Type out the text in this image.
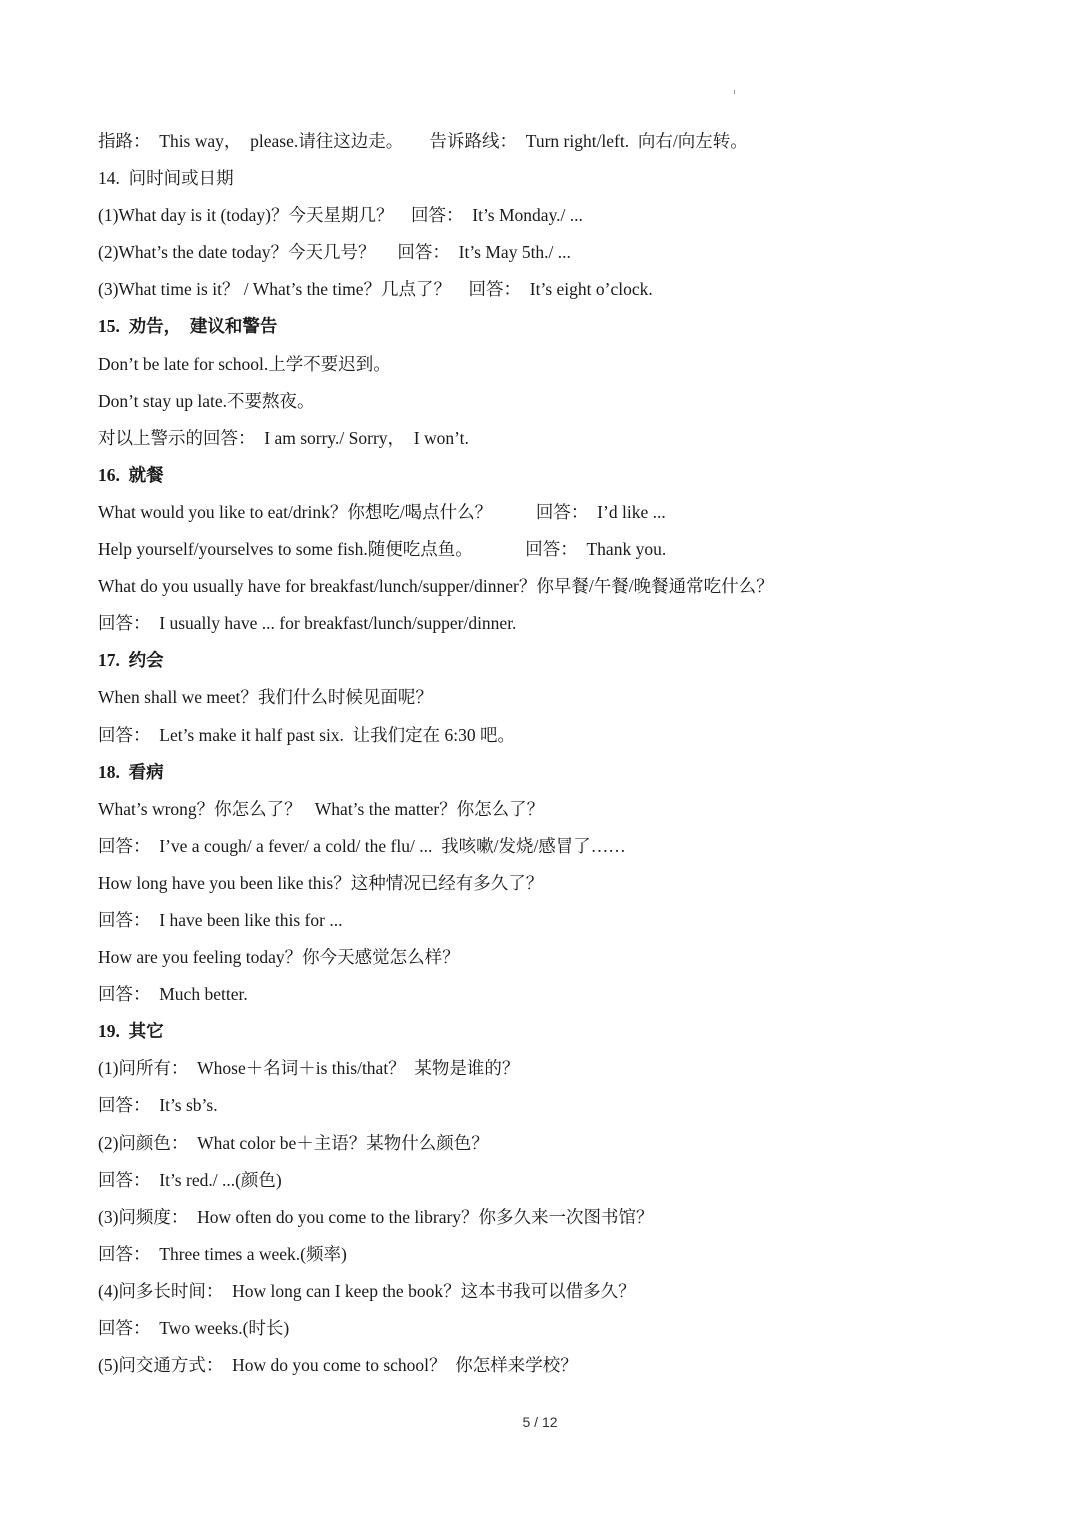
指路：  This way，  please.请往这边走。      告诉路线：  Turn right/left.  向右/向左转。
14.  问时间或日期
(1)What day is it (today)？今天星期几？    回答：  It’s Monday./ ...
(2)What’s the date today？今天几号？     回答：  It’s May 5th./ ...
(3)What time is it？ / What’s the time？几点了？    回答：  It’s eight o’clock.
15.  劝告，  建议和警告
Don’t be late for school.上学不要迟到。
Don’t stay up late.不要熬夜。
对以上警示的回答：  I am sorry./ Sorry，  I won’t.
16.  就餐
What would you like to eat/drink？你想吃/喝点什么？          回答：  I’d like ...
Help yourself/yourselves to some fish.随便吃点鱼。            回答：  Thank you.
What do you usually have for breakfast/lunch/supper/dinner？你早餐/午餐/晚餐通常吃什么？
回答：  I usually have ... for breakfast/lunch/supper/dinner.
17.  约会
When shall we meet？我们什么时候见面呢？
回答：  Let’s make it half past six.  让我们定在 6:30 吧。
18.  看病
What’s wrong？你怎么了？   What’s the matter？你怎么了？
回答：  I’ve a cough/ a fever/ a cold/ the flu/ ...  我咳嗽/发烧/感冒了……
How long have you been like this？这种情况已经有多久了？
回答：  I have been like this for ...
How are you feeling today？你今天感觉怎么样？
回答：  Much better.
19.  其它
(1)问所有：  Whose＋名词＋is this/that？  某物是谁的？
回答：  It’s sb’s.
(2)问颜色：  What color be＋主语？某物什么颜色？
回答：  It’s red./ ...(颜色)
(3)问频度：  How often do you come to the library？你多久来一次图书馆？
回答：  Three times a week.(频率)
(4)问多长时间：  How long can I keep the book？这本书我可以借多久？
回答：  Two weeks.(时长)
(5)问交通方式：  How do you come to school？  你怎样来学校？
5 / 12
